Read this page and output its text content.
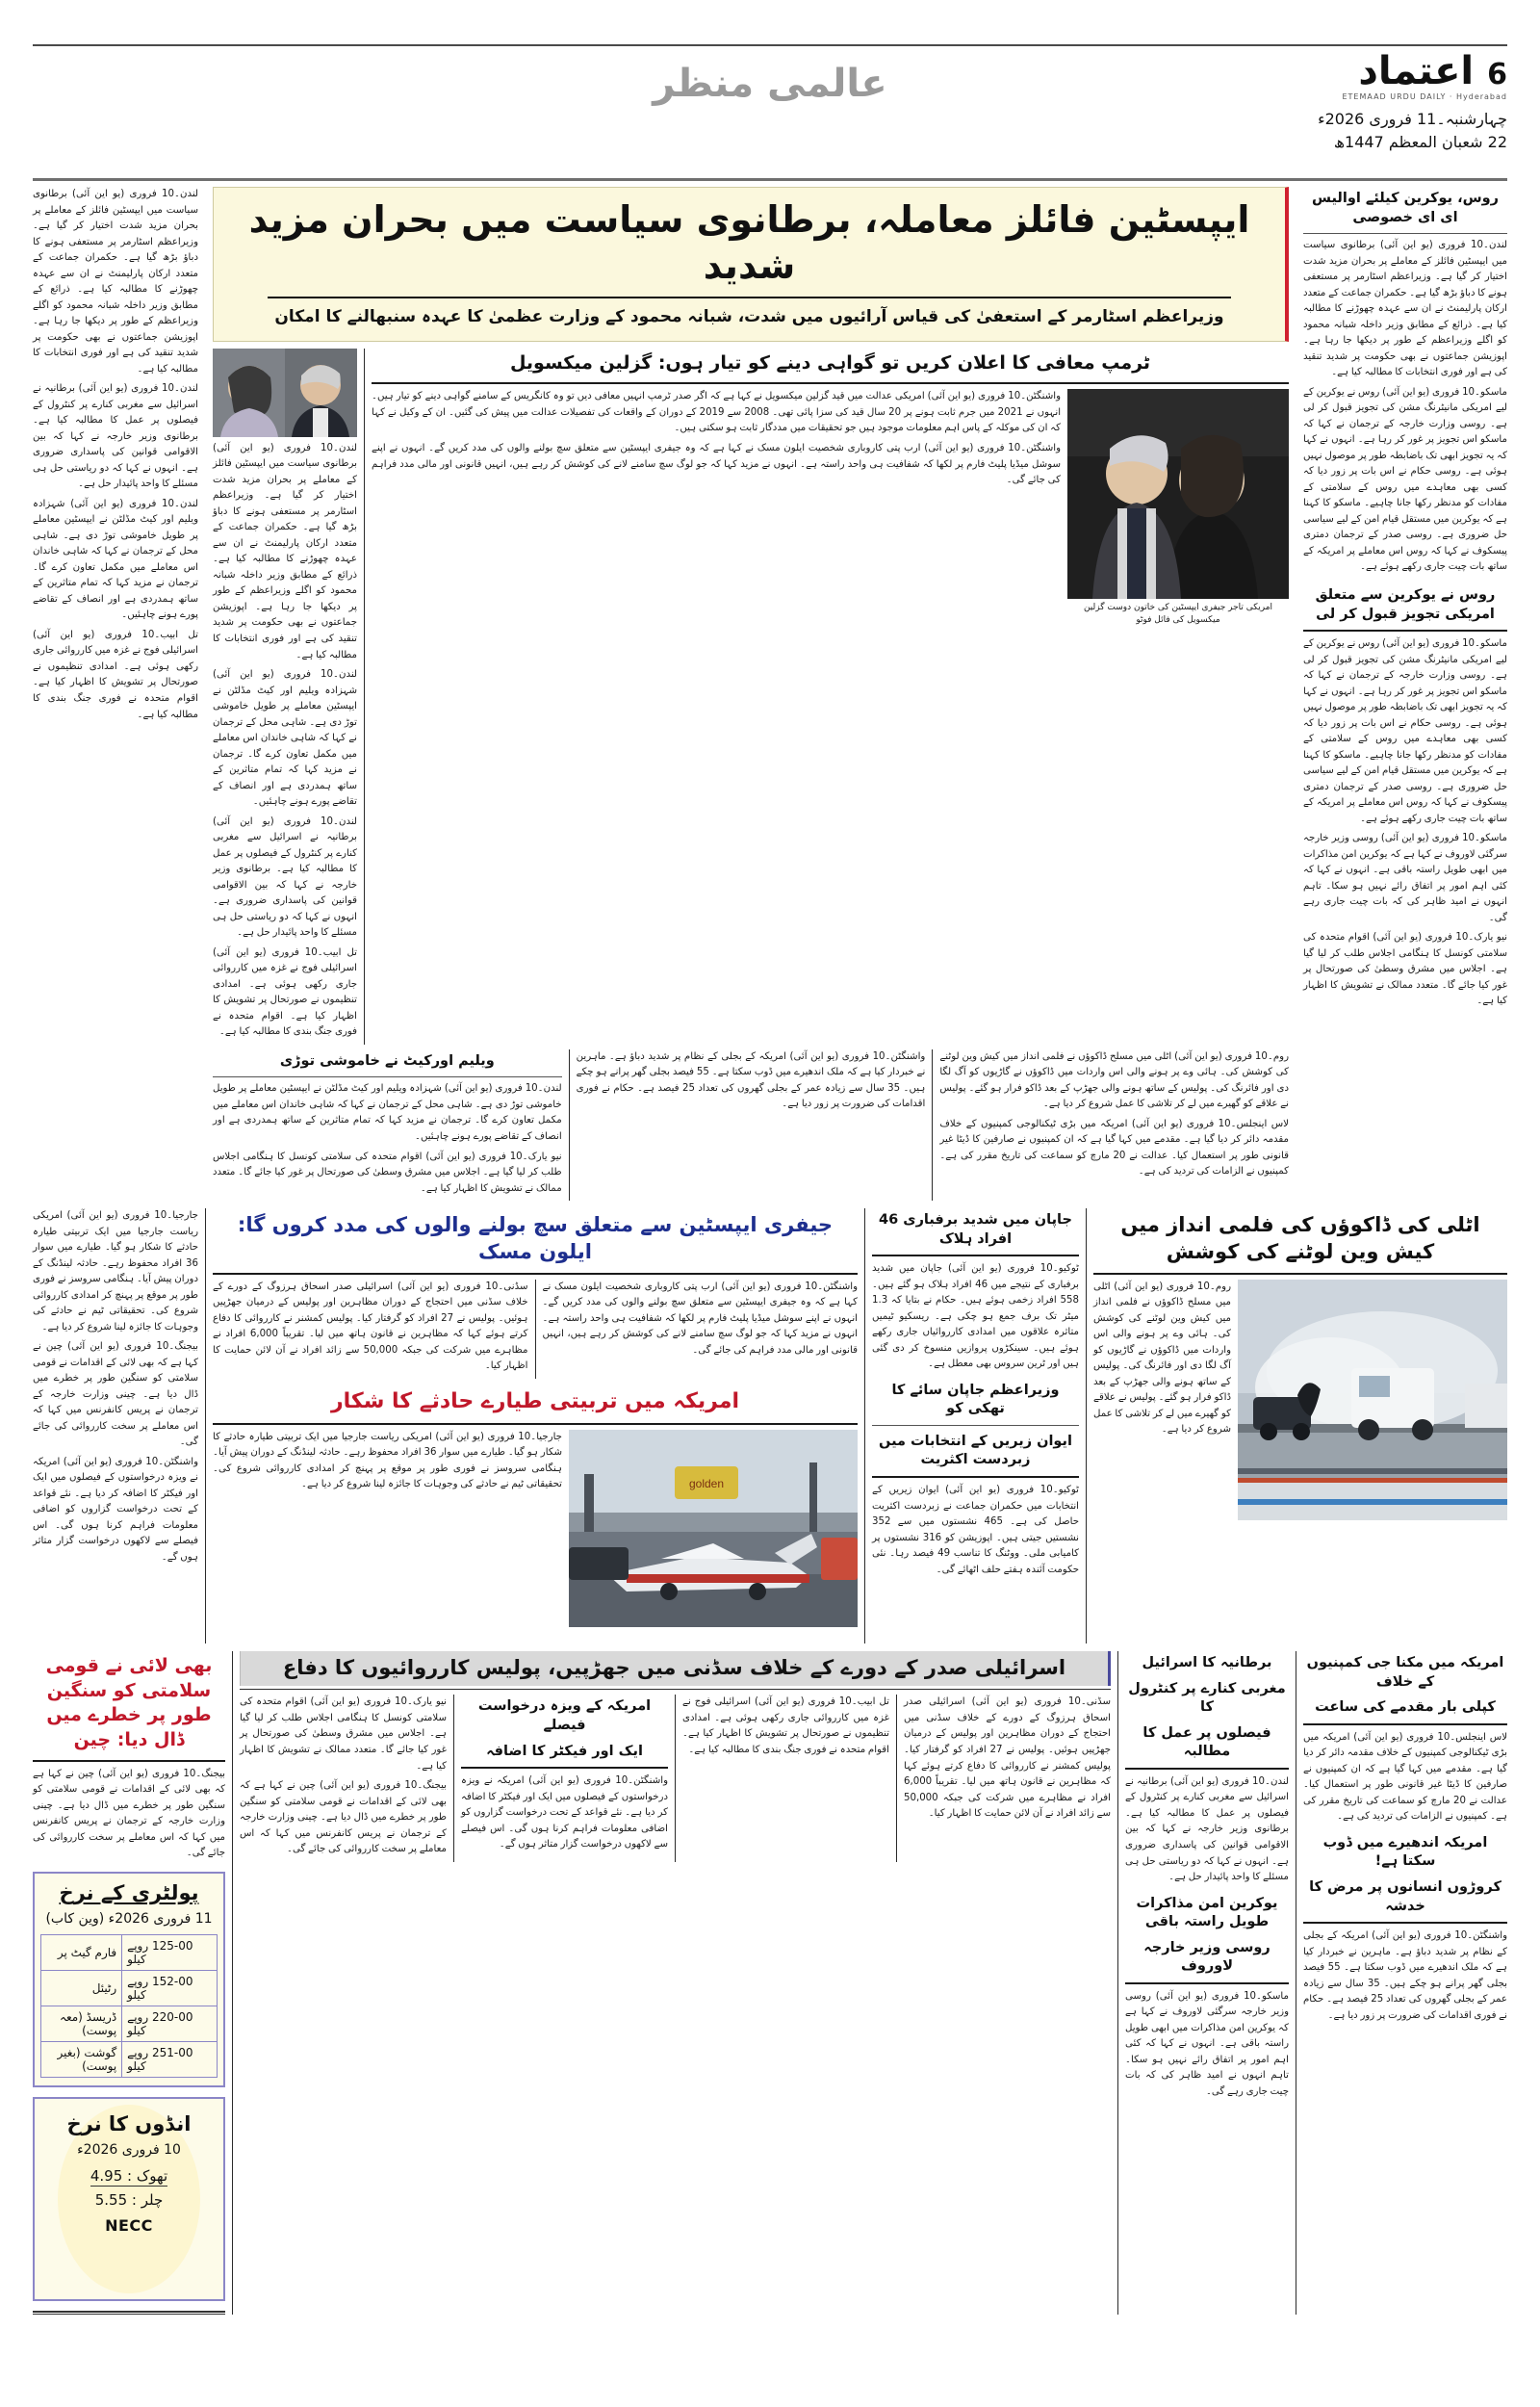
عالمی منظر	6
اعتماد
ETEMAAD URDU DAILY · Hyderabad
چہارشنبہ۔11 فروری 2026ء
22 شعبان المعظم 1447ھ
روس، یوکرین کیلئے اوالیس ای ای خصوصی

لندن۔10 فروری (یو این آئی) برطانوی سیاست میں ایپسٹین فائلز کے معاملے پر بحران مزید شدت اختیار کر گیا ہے۔ وزیراعظم اسٹارمر پر مستعفی ہونے کا دباؤ بڑھ گیا ہے۔ حکمران جماعت کے متعدد ارکان پارلیمنٹ نے ان سے عہدہ چھوڑنے کا مطالبہ کیا ہے۔ ذرائع کے مطابق وزیر داخلہ شبانہ محمود کو اگلے وزیراعظم کے طور پر دیکھا جا رہا ہے۔ اپوزیشن جماعتوں نے بھی حکومت پر شدید تنقید کی ہے اور فوری انتخابات کا مطالبہ کیا ہے۔

ماسکو۔10 فروری (یو این آئی) روس نے یوکرین کے لیے امریکی مانیٹرنگ مشن کی تجویز قبول کر لی ہے۔ روسی وزارت خارجہ کے ترجمان نے کہا کہ ماسکو اس تجویز پر غور کر رہا ہے۔ انہوں نے کہا کہ یہ تجویز ابھی تک باضابطہ طور پر موصول نہیں ہوئی ہے۔ روسی حکام نے اس بات پر زور دیا کہ کسی بھی معاہدے میں روس کے سلامتی کے مفادات کو مدنظر رکھا جانا چاہیے۔ ماسکو کا کہنا ہے کہ یوکرین میں مستقل قیام امن کے لیے سیاسی حل ضروری ہے۔ روسی صدر کے ترجمان دمتری پیسکوف نے کہا کہ روس اس معاملے پر امریکہ کے ساتھ بات چیت جاری رکھے ہوئے ہے۔

روس نے یوکرین سے متعلق امریکی تجویز قبول کر لی

ماسکو۔10 فروری (یو این آئی) روس نے یوکرین کے لیے امریکی مانیٹرنگ مشن کی تجویز قبول کر لی ہے۔ روسی وزارت خارجہ کے ترجمان نے کہا کہ ماسکو اس تجویز پر غور کر رہا ہے۔ انہوں نے کہا کہ یہ تجویز ابھی تک باضابطہ طور پر موصول نہیں ہوئی ہے۔ روسی حکام نے اس بات پر زور دیا کہ کسی بھی معاہدے میں روس کے سلامتی کے مفادات کو مدنظر رکھا جانا چاہیے۔ ماسکو کا کہنا ہے کہ یوکرین میں مستقل قیام امن کے لیے سیاسی حل ضروری ہے۔ روسی صدر کے ترجمان دمتری پیسکوف نے کہا کہ روس اس معاملے پر امریکہ کے ساتھ بات چیت جاری رکھے ہوئے ہے۔

ماسکو۔10 فروری (یو این آئی) روسی وزیر خارجہ سرگئی لاوروف نے کہا ہے کہ یوکرین امن مذاکرات میں ابھی طویل راستہ باقی ہے۔ انہوں نے کہا کہ کئی اہم امور پر اتفاق رائے نہیں ہو سکا۔ تاہم انہوں نے امید ظاہر کی کہ بات چیت جاری رہے گی۔

نیو یارک۔10 فروری (یو این آئی) اقوام متحدہ کی سلامتی کونسل کا ہنگامی اجلاس طلب کر لیا گیا ہے۔ اجلاس میں مشرق وسطیٰ کی صورتحال پر غور کیا جائے گا۔ متعدد ممالک نے تشویش کا اظہار کیا ہے۔

ایپسٹین فائلز معاملہ، برطانوی سیاست میں بحران مزید شدید
وزیراعظم اسٹارمر کے استعفیٰ کی قیاس آرائیوں میں شدت، شبانہ محمود کے وزارت عظمیٰ کا عہدہ سنبھالنے کا امکان
ٹرمپ معافی کا اعلان کریں تو گواہی دینے کو تیار ہوں: گزلین میکسویل
امریکی تاجر جیفری ایپسٹین کی خاتون دوست گزلین میکسویل کی فائل فوٹو

واشنگٹن۔10 فروری (یو این آئی) امریکی عدالت میں قید گزلین میکسویل نے کہا ہے کہ اگر صدر ٹرمپ انہیں معافی دیں تو وہ کانگریس کے سامنے گواہی دینے کو تیار ہیں۔ انہوں نے 2021 میں جرم ثابت ہونے پر 20 سال قید کی سزا پائی تھی۔ 2008 سے 2019 کے دوران کے واقعات کی تفصیلات عدالت میں پیش کی گئیں۔ ان کے وکیل نے کہا کہ ان کی موکلہ کے پاس اہم معلومات موجود ہیں جو تحقیقات میں مددگار ثابت ہو سکتی ہیں۔

واشنگٹن۔10 فروری (یو این آئی) ارب پتی کاروباری شخصیت ایلون مسک نے کہا ہے کہ وہ جیفری ایپسٹین سے متعلق سچ بولنے والوں کی مدد کریں گے۔ انہوں نے اپنے سوشل میڈیا پلیٹ فارم پر لکھا کہ شفافیت ہی واحد راستہ ہے۔ انہوں نے مزید کہا کہ جو لوگ سچ سامنے لانے کی کوشش کر رہے ہیں، انہیں قانونی اور مالی مدد فراہم کی جائے گی۔

لندن۔10 فروری (یو این آئی) برطانوی سیاست میں ایپسٹین فائلز کے معاملے پر بحران مزید شدت اختیار کر گیا ہے۔ وزیراعظم اسٹارمر پر مستعفی ہونے کا دباؤ بڑھ گیا ہے۔ حکمران جماعت کے متعدد ارکان پارلیمنٹ نے ان سے عہدہ چھوڑنے کا مطالبہ کیا ہے۔ ذرائع کے مطابق وزیر داخلہ شبانہ محمود کو اگلے وزیراعظم کے طور پر دیکھا جا رہا ہے۔ اپوزیشن جماعتوں نے بھی حکومت پر شدید تنقید کی ہے اور فوری انتخابات کا مطالبہ کیا ہے۔

لندن۔10 فروری (یو این آئی) شہزادہ ویلیم اور کیٹ مڈلٹن نے ایپسٹین معاملے پر طویل خاموشی توڑ دی ہے۔ شاہی محل کے ترجمان نے کہا کہ شاہی خاندان اس معاملے میں مکمل تعاون کرے گا۔ ترجمان نے مزید کہا کہ تمام متاثرین کے ساتھ ہمدردی ہے اور انصاف کے تقاضے پورے ہونے چاہئیں۔

لندن۔10 فروری (یو این آئی) برطانیہ نے اسرائیل سے مغربی کنارے پر کنٹرول کے فیصلوں پر عمل کا مطالبہ کیا ہے۔ برطانوی وزیر خارجہ نے کہا کہ بین الاقوامی قوانین کی پاسداری ضروری ہے۔ انہوں نے کہا کہ دو ریاستی حل ہی مسئلے کا واحد پائیدار حل ہے۔

تل ابیب۔10 فروری (یو این آئی) اسرائیلی فوج نے غزہ میں کارروائی جاری رکھی ہوئی ہے۔ امدادی تنظیموں نے صورتحال پر تشویش کا اظہار کیا ہے۔ اقوام متحدہ نے فوری جنگ بندی کا مطالبہ کیا ہے۔

روم۔10 فروری (یو این آئی) اٹلی میں مسلح ڈاکوؤں نے فلمی انداز میں کیش وین لوٹنے کی کوشش کی۔ ہائی وے پر ہونے والی اس واردات میں ڈاکوؤں نے گاڑیوں کو آگ لگا دی اور فائرنگ کی۔ پولیس کے ساتھ ہونے والی جھڑپ کے بعد ڈاکو فرار ہو گئے۔ پولیس نے علاقے کو گھیرے میں لے کر تلاشی کا عمل شروع کر دیا ہے۔

لاس اینجلس۔10 فروری (یو این آئی) امریکہ میں بڑی ٹیکنالوجی کمپنیوں کے خلاف مقدمہ دائر کر دیا گیا ہے۔ مقدمے میں کہا گیا ہے کہ ان کمپنیوں نے صارفین کا ڈیٹا غیر قانونی طور پر استعمال کیا۔ عدالت نے 20 مارچ کو سماعت کی تاریخ مقرر کی ہے۔ کمپنیوں نے الزامات کی تردید کی ہے۔

واشنگٹن۔10 فروری (یو این آئی) امریکہ کے بجلی کے نظام پر شدید دباؤ ہے۔ ماہرین نے خبردار کیا ہے کہ ملک اندھیرے میں ڈوب سکتا ہے۔ 55 فیصد بجلی گھر پرانے ہو چکے ہیں۔ 35 سال سے زیادہ عمر کے بجلی گھروں کی تعداد 25 فیصد ہے۔ حکام نے فوری اقدامات کی ضرورت پر زور دیا ہے۔

ویلیم اورکیٹ نے خاموشی توڑی

لندن۔10 فروری (یو این آئی) شہزادہ ویلیم اور کیٹ مڈلٹن نے ایپسٹین معاملے پر طویل خاموشی توڑ دی ہے۔ شاہی محل کے ترجمان نے کہا کہ شاہی خاندان اس معاملے میں مکمل تعاون کرے گا۔ ترجمان نے مزید کہا کہ تمام متاثرین کے ساتھ ہمدردی ہے اور انصاف کے تقاضے پورے ہونے چاہئیں۔

نیو یارک۔10 فروری (یو این آئی) اقوام متحدہ کی سلامتی کونسل کا ہنگامی اجلاس طلب کر لیا گیا ہے۔ اجلاس میں مشرق وسطیٰ کی صورتحال پر غور کیا جائے گا۔ متعدد ممالک نے تشویش کا اظہار کیا ہے۔

لندن۔10 فروری (یو این آئی) برطانوی سیاست میں ایپسٹین فائلز کے معاملے پر بحران مزید شدت اختیار کر گیا ہے۔ وزیراعظم اسٹارمر پر مستعفی ہونے کا دباؤ بڑھ گیا ہے۔ حکمران جماعت کے متعدد ارکان پارلیمنٹ نے ان سے عہدہ چھوڑنے کا مطالبہ کیا ہے۔ ذرائع کے مطابق وزیر داخلہ شبانہ محمود کو اگلے وزیراعظم کے طور پر دیکھا جا رہا ہے۔ اپوزیشن جماعتوں نے بھی حکومت پر شدید تنقید کی ہے اور فوری انتخابات کا مطالبہ کیا ہے۔

لندن۔10 فروری (یو این آئی) برطانیہ نے اسرائیل سے مغربی کنارے پر کنٹرول کے فیصلوں پر عمل کا مطالبہ کیا ہے۔ برطانوی وزیر خارجہ نے کہا کہ بین الاقوامی قوانین کی پاسداری ضروری ہے۔ انہوں نے کہا کہ دو ریاستی حل ہی مسئلے کا واحد پائیدار حل ہے۔

لندن۔10 فروری (یو این آئی) شہزادہ ویلیم اور کیٹ مڈلٹن نے ایپسٹین معاملے پر طویل خاموشی توڑ دی ہے۔ شاہی محل کے ترجمان نے کہا کہ شاہی خاندان اس معاملے میں مکمل تعاون کرے گا۔ ترجمان نے مزید کہا کہ تمام متاثرین کے ساتھ ہمدردی ہے اور انصاف کے تقاضے پورے ہونے چاہئیں۔

تل ابیب۔10 فروری (یو این آئی) اسرائیلی فوج نے غزہ میں کارروائی جاری رکھی ہوئی ہے۔ امدادی تنظیموں نے صورتحال پر تشویش کا اظہار کیا ہے۔ اقوام متحدہ نے فوری جنگ بندی کا مطالبہ کیا ہے۔

اٹلی کی ڈاکوؤں کی فلمی انداز میں کیش وین لوٹنے کی کوشش

روم۔10 فروری (یو این آئی) اٹلی میں مسلح ڈاکوؤں نے فلمی انداز میں کیش وین لوٹنے کی کوشش کی۔ ہائی وے پر ہونے والی اس واردات میں ڈاکوؤں نے گاڑیوں کو آگ لگا دی اور فائرنگ کی۔ پولیس کے ساتھ ہونے والی جھڑپ کے بعد ڈاکو فرار ہو گئے۔ پولیس نے علاقے کو گھیرے میں لے کر تلاشی کا عمل شروع کر دیا ہے۔

جاپان میں شدید برفباری 46 افراد ہلاک

ٹوکیو۔10 فروری (یو این آئی) جاپان میں شدید برفباری کے نتیجے میں 46 افراد ہلاک ہو گئے ہیں۔ 558 افراد زخمی ہوئے ہیں۔ حکام نے بتایا کہ 1.3 میٹر تک برف جمع ہو چکی ہے۔ ریسکیو ٹیمیں متاثرہ علاقوں میں امدادی کارروائیاں جاری رکھے ہوئے ہیں۔ سینکڑوں پروازیں منسوخ کر دی گئی ہیں اور ٹرین سروس بھی معطل ہے۔

وزیراعظم جاپان سائے کا تھکی کو
ایوان زیریں کے انتخابات میں زبردست اکثریت

ٹوکیو۔10 فروری (یو این آئی) ایوان زیریں کے انتخابات میں حکمران جماعت نے زبردست اکثریت حاصل کی ہے۔ 465 نشستوں میں سے 352 نشستیں جیتی ہیں۔ اپوزیشن کو 316 نشستوں پر کامیابی ملی۔ ووٹنگ کا تناسب 49 فیصد رہا۔ نئی حکومت آئندہ ہفتے حلف اٹھائے گی۔

جیفری ایپسٹین سے متعلق سچ بولنے والوں کی مدد کروں گا: ایلون مسک

واشنگٹن۔10 فروری (یو این آئی) ارب پتی کاروباری شخصیت ایلون مسک نے کہا ہے کہ وہ جیفری ایپسٹین سے متعلق سچ بولنے والوں کی مدد کریں گے۔ انہوں نے اپنے سوشل میڈیا پلیٹ فارم پر لکھا کہ شفافیت ہی واحد راستہ ہے۔ انہوں نے مزید کہا کہ جو لوگ سچ سامنے لانے کی کوشش کر رہے ہیں، انہیں قانونی اور مالی مدد فراہم کی جائے گی۔

سڈنی۔10 فروری (یو این آئی) اسرائیلی صدر اسحاق ہرزوگ کے دورے کے خلاف سڈنی میں احتجاج کے دوران مظاہرین اور پولیس کے درمیان جھڑپیں ہوئیں۔ پولیس نے 27 افراد کو گرفتار کیا۔ پولیس کمشنر نے کارروائی کا دفاع کرتے ہوئے کہا کہ مظاہرین نے قانون ہاتھ میں لیا۔ تقریباً 6,000 افراد نے مظاہرے میں شرکت کی جبکہ 50,000 سے زائد افراد نے آن لائن حمایت کا اظہار کیا۔

امریکہ میں تربیتی طیارے حادثے کا شکار
golden

جارجیا۔10 فروری (یو این آئی) امریکی ریاست جارجیا میں ایک تربیتی طیارہ حادثے کا شکار ہو گیا۔ طیارے میں سوار 36 افراد محفوظ رہے۔ حادثہ لینڈنگ کے دوران پیش آیا۔ ہنگامی سروسز نے فوری طور پر موقع پر پہنچ کر امدادی کارروائی شروع کی۔ تحقیقاتی ٹیم نے حادثے کی وجوہات کا جائزہ لینا شروع کر دیا ہے۔

جارجیا۔10 فروری (یو این آئی) امریکی ریاست جارجیا میں ایک تربیتی طیارہ حادثے کا شکار ہو گیا۔ طیارے میں سوار 36 افراد محفوظ رہے۔ حادثہ لینڈنگ کے دوران پیش آیا۔ ہنگامی سروسز نے فوری طور پر موقع پر پہنچ کر امدادی کارروائی شروع کی۔ تحقیقاتی ٹیم نے حادثے کی وجوہات کا جائزہ لینا شروع کر دیا ہے۔

بیجنگ۔10 فروری (یو این آئی) چین نے کہا ہے کہ بھی لائی کے اقدامات نے قومی سلامتی کو سنگین طور پر خطرے میں ڈال دیا ہے۔ چینی وزارت خارجہ کے ترجمان نے پریس کانفرنس میں کہا کہ اس معاملے پر سخت کارروائی کی جائے گی۔

واشنگٹن۔10 فروری (یو این آئی) امریکہ نے ویزہ درخواستوں کے فیصلوں میں ایک اور فیکٹر کا اضافہ کر دیا ہے۔ نئے قواعد کے تحت درخواست گزاروں کو اضافی معلومات فراہم کرنا ہوں گی۔ اس فیصلے سے لاکھوں درخواست گزار متاثر ہوں گے۔

امریکہ میں مکنا جی کمپنیوں کے خلاف
کپلی بار مقدمے کی ساعت

لاس اینجلس۔10 فروری (یو این آئی) امریکہ میں بڑی ٹیکنالوجی کمپنیوں کے خلاف مقدمہ دائر کر دیا گیا ہے۔ مقدمے میں کہا گیا ہے کہ ان کمپنیوں نے صارفین کا ڈیٹا غیر قانونی طور پر استعمال کیا۔ عدالت نے 20 مارچ کو سماعت کی تاریخ مقرر کی ہے۔ کمپنیوں نے الزامات کی تردید کی ہے۔

امریکہ اندھیرے میں ڈوب سکتا ہے!
کروڑوں انسانوں پر مرض کا خدشہ

واشنگٹن۔10 فروری (یو این آئی) امریکہ کے بجلی کے نظام پر شدید دباؤ ہے۔ ماہرین نے خبردار کیا ہے کہ ملک اندھیرے میں ڈوب سکتا ہے۔ 55 فیصد بجلی گھر پرانے ہو چکے ہیں۔ 35 سال سے زیادہ عمر کے بجلی گھروں کی تعداد 25 فیصد ہے۔ حکام نے فوری اقدامات کی ضرورت پر زور دیا ہے۔

برطانیہ کا اسرائیل
مغربی کنارے پر کنٹرول کا
فیصلوں پر عمل کا مطالبہ

لندن۔10 فروری (یو این آئی) برطانیہ نے اسرائیل سے مغربی کنارے پر کنٹرول کے فیصلوں پر عمل کا مطالبہ کیا ہے۔ برطانوی وزیر خارجہ نے کہا کہ بین الاقوامی قوانین کی پاسداری ضروری ہے۔ انہوں نے کہا کہ دو ریاستی حل ہی مسئلے کا واحد پائیدار حل ہے۔

یوکرین امن مذاکرات طویل راستہ باقی
روسی وزیر خارجہ لاوروف

ماسکو۔10 فروری (یو این آئی) روسی وزیر خارجہ سرگئی لاوروف نے کہا ہے کہ یوکرین امن مذاکرات میں ابھی طویل راستہ باقی ہے۔ انہوں نے کہا کہ کئی اہم امور پر اتفاق رائے نہیں ہو سکا۔ تاہم انہوں نے امید ظاہر کی کہ بات چیت جاری رہے گی۔

اسرائیلی صدر کے دورے کے خلاف سڈنی میں جھڑپیں، پولیس کارروائیوں کا دفاع

سڈنی۔10 فروری (یو این آئی) اسرائیلی صدر اسحاق ہرزوگ کے دورے کے خلاف سڈنی میں احتجاج کے دوران مظاہرین اور پولیس کے درمیان جھڑپیں ہوئیں۔ پولیس نے 27 افراد کو گرفتار کیا۔ پولیس کمشنر نے کارروائی کا دفاع کرتے ہوئے کہا کہ مظاہرین نے قانون ہاتھ میں لیا۔ تقریباً 6,000 افراد نے مظاہرے میں شرکت کی جبکہ 50,000 سے زائد افراد نے آن لائن حمایت کا اظہار کیا۔

تل ابیب۔10 فروری (یو این آئی) اسرائیلی فوج نے غزہ میں کارروائی جاری رکھی ہوئی ہے۔ امدادی تنظیموں نے صورتحال پر تشویش کا اظہار کیا ہے۔ اقوام متحدہ نے فوری جنگ بندی کا مطالبہ کیا ہے۔

امریکہ کے ویزہ درخواست فیصلے
ایک اور فیکٹر کا اضافہ

واشنگٹن۔10 فروری (یو این آئی) امریکہ نے ویزہ درخواستوں کے فیصلوں میں ایک اور فیکٹر کا اضافہ کر دیا ہے۔ نئے قواعد کے تحت درخواست گزاروں کو اضافی معلومات فراہم کرنا ہوں گی۔ اس فیصلے سے لاکھوں درخواست گزار متاثر ہوں گے۔

نیو یارک۔10 فروری (یو این آئی) اقوام متحدہ کی سلامتی کونسل کا ہنگامی اجلاس طلب کر لیا گیا ہے۔ اجلاس میں مشرق وسطیٰ کی صورتحال پر غور کیا جائے گا۔ متعدد ممالک نے تشویش کا اظہار کیا ہے۔

بیجنگ۔10 فروری (یو این آئی) چین نے کہا ہے کہ بھی لائی کے اقدامات نے قومی سلامتی کو سنگین طور پر خطرے میں ڈال دیا ہے۔ چینی وزارت خارجہ کے ترجمان نے پریس کانفرنس میں کہا کہ اس معاملے پر سخت کارروائی کی جائے گی۔

بھی لائی نے قومی سلامتی کو سنگین طور پر خطرے میں ڈال دیا: چین

بیجنگ۔10 فروری (یو این آئی) چین نے کہا ہے کہ بھی لائی کے اقدامات نے قومی سلامتی کو سنگین طور پر خطرے میں ڈال دیا ہے۔ چینی وزارت خارجہ کے ترجمان نے پریس کانفرنس میں کہا کہ اس معاملے پر سخت کارروائی کی جائے گی۔

پولٹری کے نرخ
11 فروری 2026ء (وین کاب)
125-00 روپے کیلو	فارم گیٹ پر
152-00 روپے کیلو	رٹیئل
220-00 روپے کیلو	ڈریسڈ (معہ پوست)
251-00 روپے کیلو	گوشت (بغیر پوست)
انڈوں کا نرخ
10 فروری 2026ء
تھوک : 4.95
چلر : 5.55
NECC
